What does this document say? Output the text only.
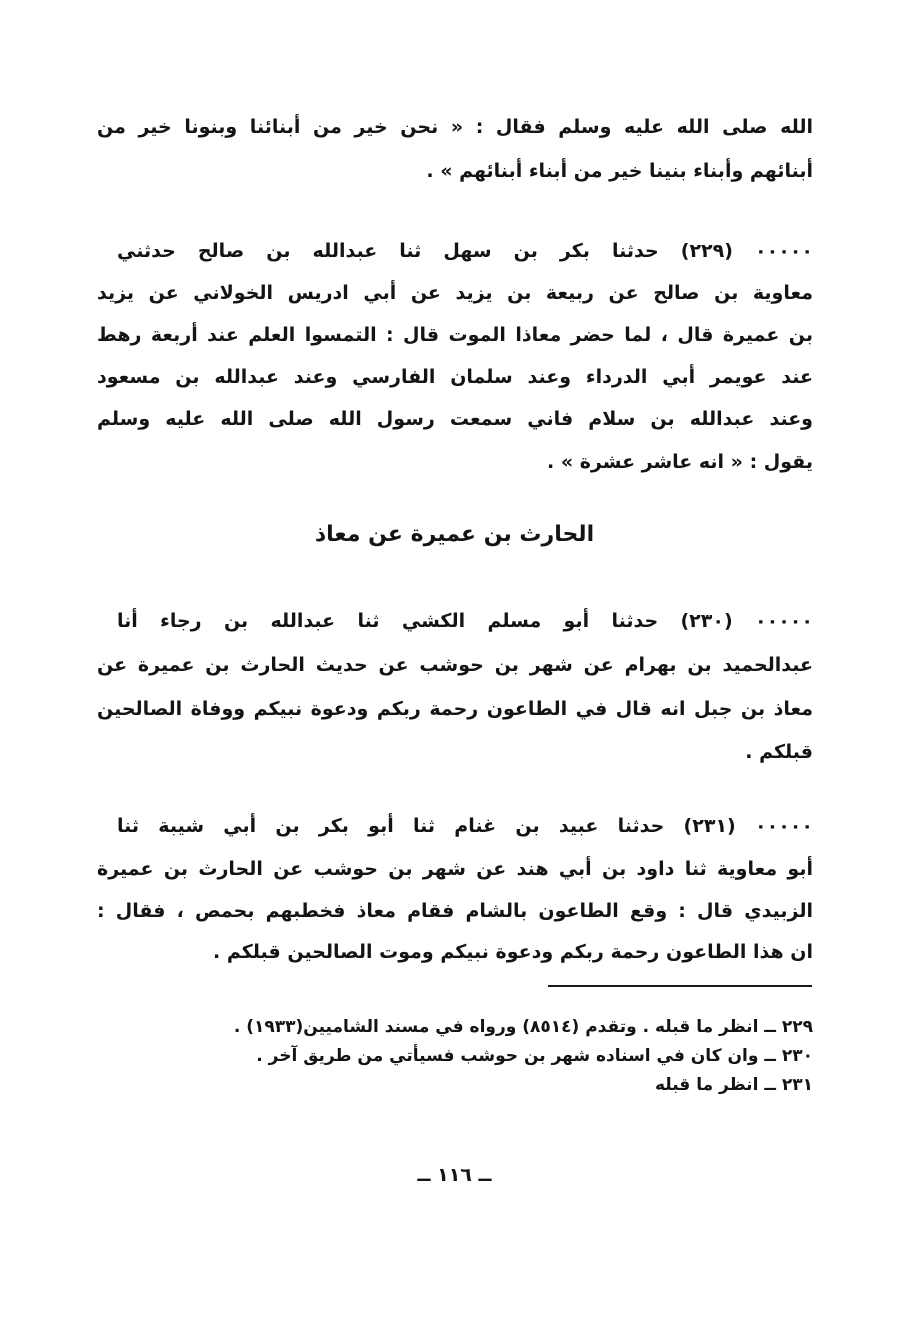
الله صلى الله عليه وسلم فقال : « نحن خير من أبنائنا وبنونا خير من
أبنائهم وأبناء بنينا خير من أبناء أبنائهم » .
٠٠٠٠٠ (٢٢٩) حدثنا بكر بن سهل ثنا عبدالله بن صالح حدثني
معاوية بن صالح عن ربيعة بن يزيد عن أبي ادريس الخولاني عن يزيد
بن عميرة قال ، لما حضر معاذا الموت قال : التمسوا العلم عند أربعة رهط
عند عويمر أبي الدرداء وعند سلمان الفارسي وعند عبدالله بن مسعود
وعند عبدالله بن سلام فاني سمعت رسول الله صلى الله عليه وسلم
يقول : « انه عاشر عشرة » .
الحارث بن عميرة عن معاذ
٠٠٠٠٠ (٢٣٠) حدثنا أبو مسلم الكشي ثنا عبدالله بن رجاء أنا
عبدالحميد بن بهرام عن شهر بن حوشب عن حديث الحارث بن عميرة عن
معاذ بن جبل انه قال في الطاعون رحمة ربكم ودعوة نبيكم ووفاة الصالحين
قبلكم .
٠٠٠٠٠ (٢٣١) حدثنا عبيد بن غنام ثنا أبو بكر بن أبي شيبة ثنا
أبو معاوية ثنا داود بن أبي هند عن شهر بن حوشب عن الحارث بن عميرة
الزبيدي قال : وقع الطاعون بالشام فقام معاذ فخطبهم بحمص ، فقال :
ان هذا الطاعون رحمة ربكم ودعوة نبيكم وموت الصالحين قبلكم .
٢٢٩ ــ انظر ما قبله . وتقدم (٨٥١٤) ورواه في مسند الشاميين(١٩٣٣) .
٢٣٠ ــ وان كان في اسناده شهر بن حوشب فسيأتي من طريق آخر .
٢٣١ ــ انظر ما قبله
ــ ١١٦ ــ
